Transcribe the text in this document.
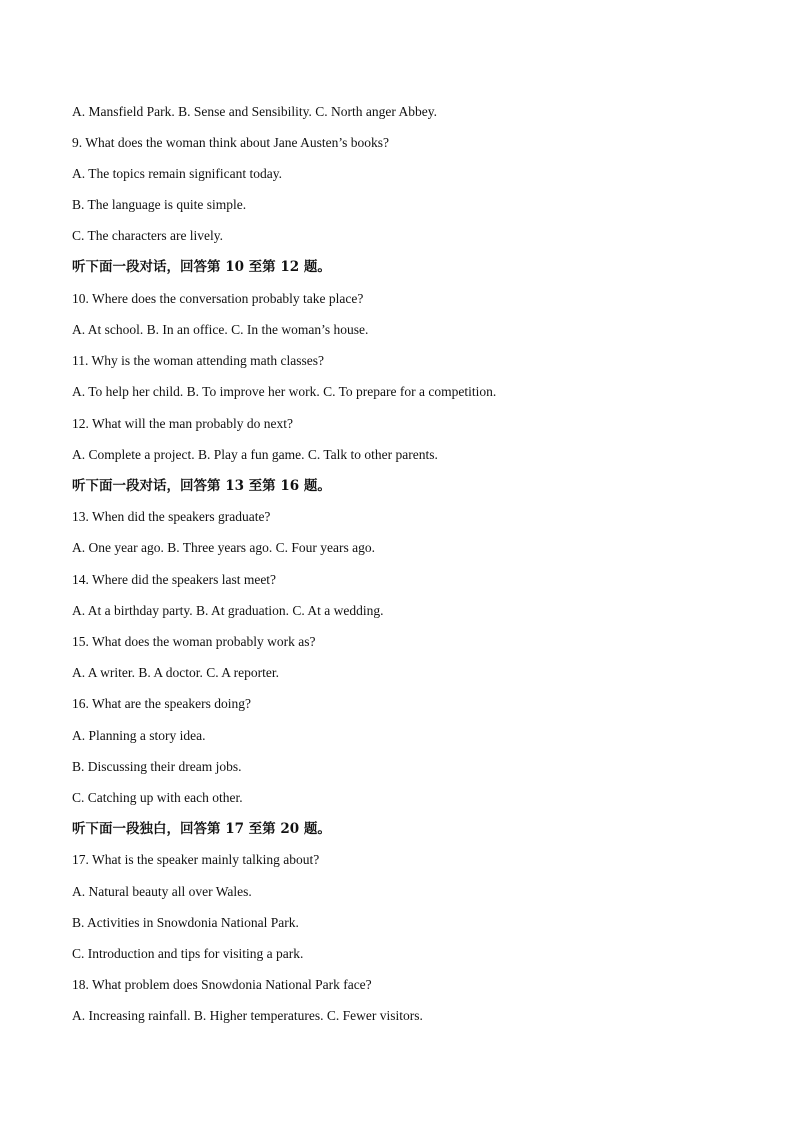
A. Mansfield Park. B. Sense and Sensibility. C. North anger Abbey.
9. What does the woman think about Jane Austen’s books?
A. The topics remain significant today.
B. The language is quite simple.
C. The characters are lively.
听下面一段对话，回答第 10 至第 12 题。
10. Where does the conversation probably take place?
A. At school. B. In an office. C. In the woman’s house.
11. Why is the woman attending math classes?
A. To help her child. B. To improve her work. C. To prepare for a competition.
12. What will the man probably do next?
A. Complete a project. B. Play a fun game. C. Talk to other parents.
听下面一段对话，回答第 13 至第 16 题。
13. When did the speakers graduate?
A. One year ago. B. Three years ago. C. Four years ago.
14. Where did the speakers last meet?
A. At a birthday party. B. At graduation. C. At a wedding.
15. What does the woman probably work as?
A. A writer. B. A doctor. C. A reporter.
16. What are the speakers doing?
A. Planning a story idea.
B. Discussing their dream jobs.
C. Catching up with each other.
听下面一段独白，回答第 17 至第 20 题。
17. What is the speaker mainly talking about?
A. Natural beauty all over Wales.
B. Activities in Snowdonia National Park.
C. Introduction and tips for visiting a park.
18. What problem does Snowdonia National Park face?
A. Increasing rainfall. B. Higher temperatures. C. Fewer visitors.
